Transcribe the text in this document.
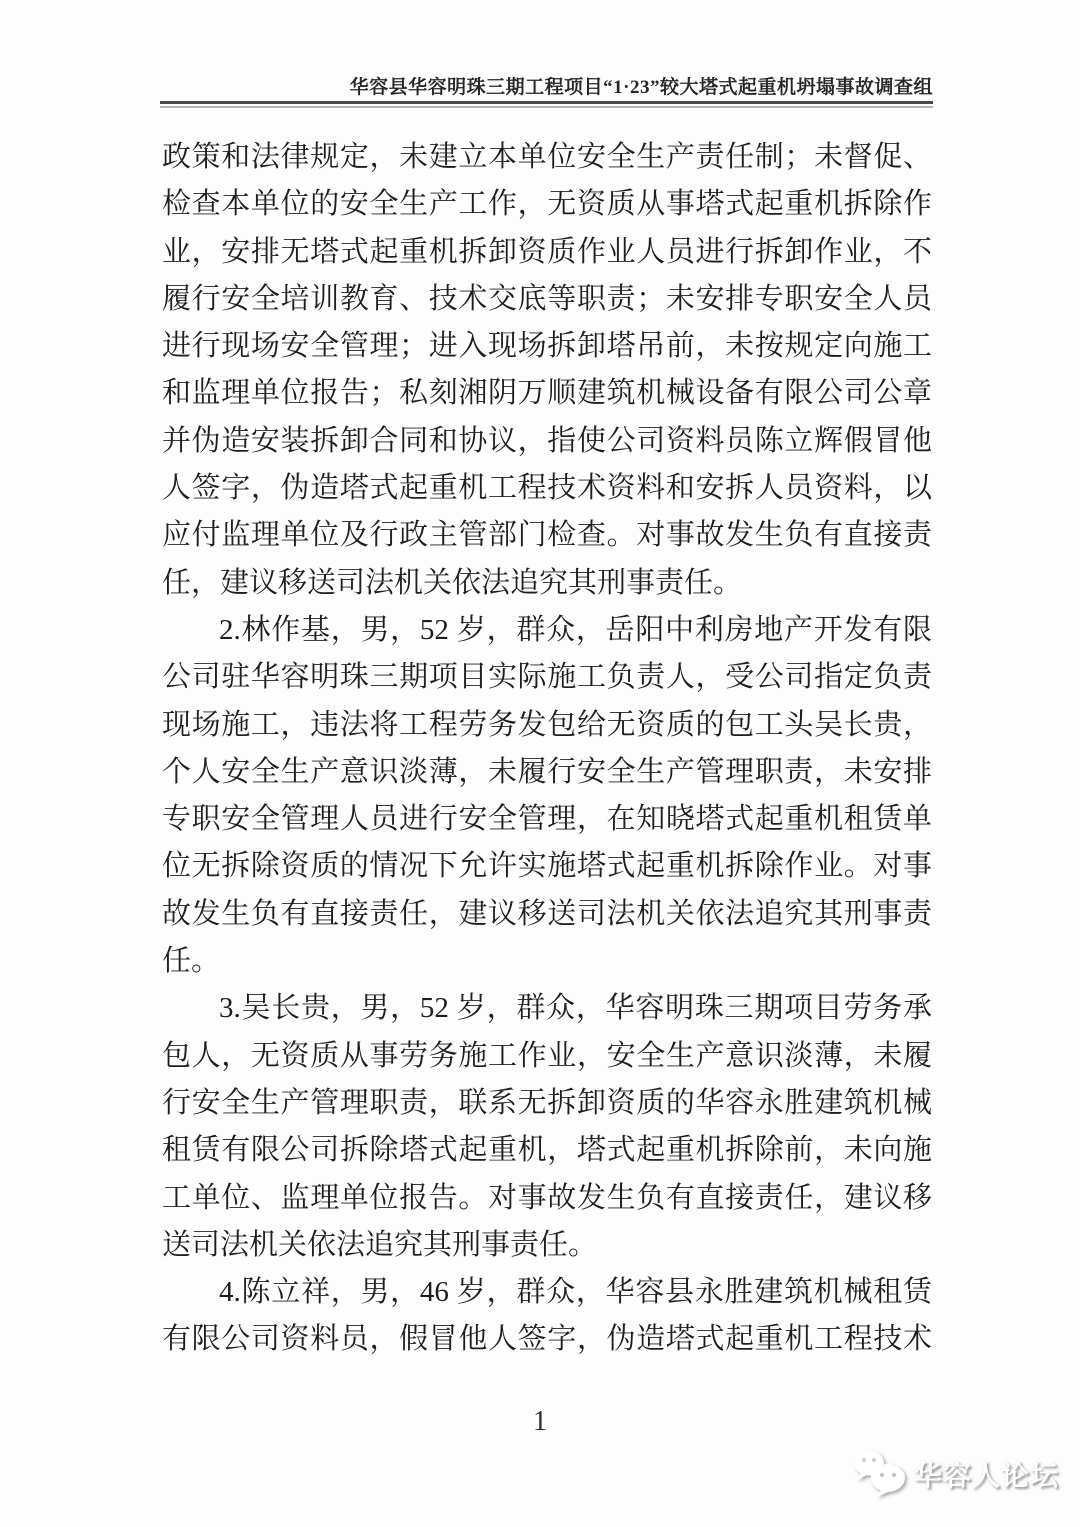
华容县华容明珠三期工程项目“1·23”较大塔式起重机坍塌事故调查组
政策和法律规定，未建立本单位安全生产责任制；未督促、
检查本单位的安全生产工作，无资质从事塔式起重机拆除作
业，安排无塔式起重机拆卸资质作业人员进行拆卸作业，不
履行安全培训教育、技术交底等职责；未安排专职安全人员
进行现场安全管理；进入现场拆卸塔吊前，未按规定向施工
和监理单位报告；私刻湘阴万顺建筑机械设备有限公司公章
并伪造安装拆卸合同和协议，指使公司资料员陈立辉假冒他
人签字，伪造塔式起重机工程技术资料和安拆人员资料，以
应付监理单位及行政主管部门检查。对事故发生负有直接责
任，建议移送司法机关依法追究其刑事责任。
2.林作基，男，52 岁，群众，岳阳中利房地产开发有限
公司驻华容明珠三期项目实际施工负责人，受公司指定负责
现场施工，违法将工程劳务发包给无资质的包工头吴长贵，
个人安全生产意识淡薄，未履行安全生产管理职责，未安排
专职安全管理人员进行安全管理，在知晓塔式起重机租赁单
位无拆除资质的情况下允许实施塔式起重机拆除作业。对事
故发生负有直接责任，建议移送司法机关依法追究其刑事责
任。
3.吴长贵，男，52 岁，群众，华容明珠三期项目劳务承
包人，无资质从事劳务施工作业，安全生产意识淡薄，未履
行安全生产管理职责，联系无拆卸资质的华容永胜建筑机械
租赁有限公司拆除塔式起重机，塔式起重机拆除前，未向施
工单位、监理单位报告。对事故发生负有直接责任，建议移
送司法机关依法追究其刑事责任。
4.陈立祥，男，46 岁，群众，华容县永胜建筑机械租赁
有限公司资料员，假冒他人签字，伪造塔式起重机工程技术
1
华容人论坛
